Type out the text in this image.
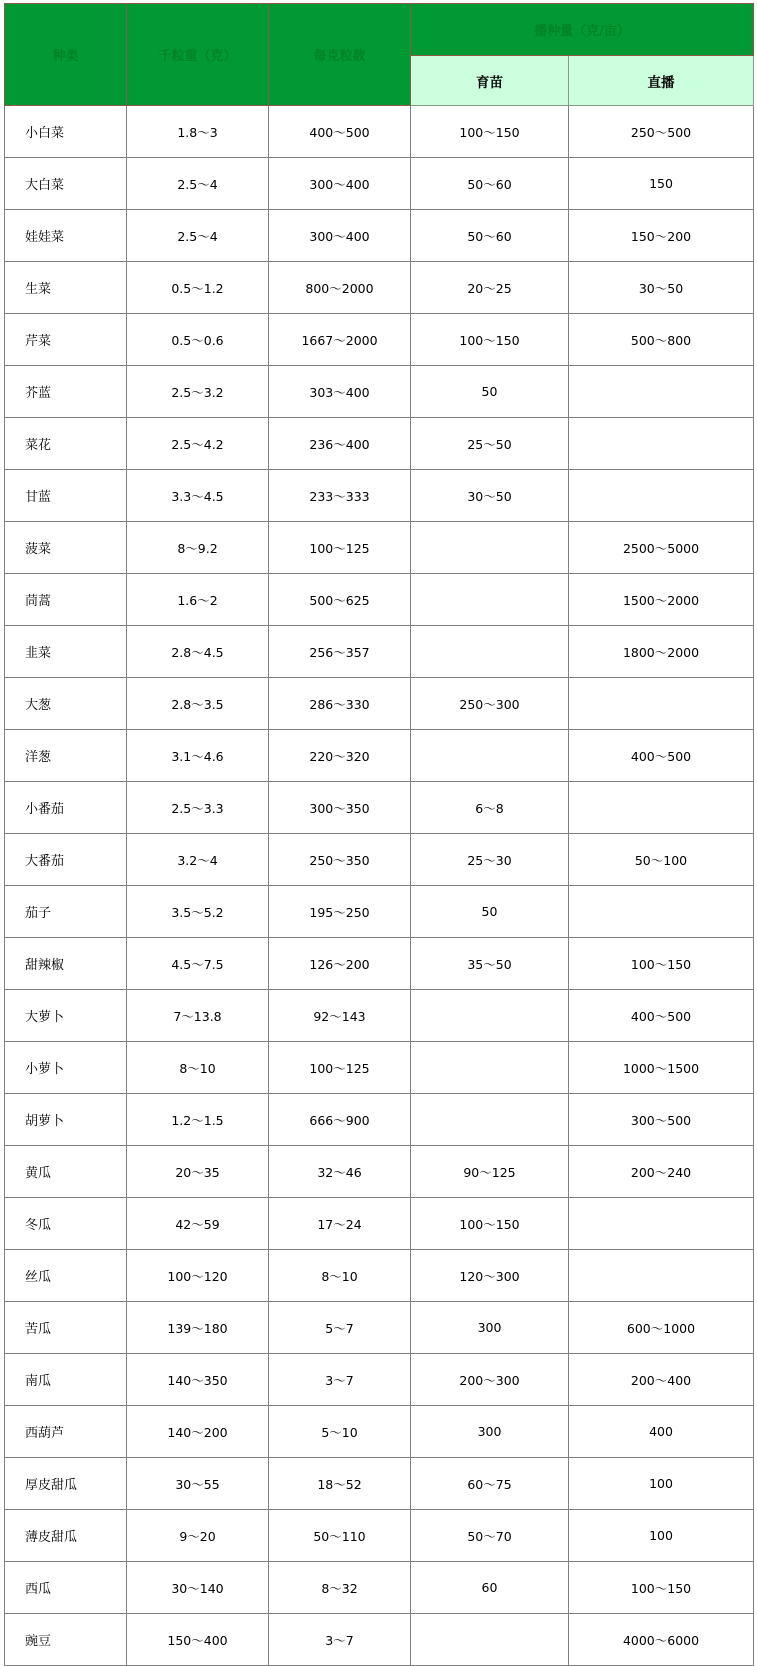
种类	千粒重（克）	每克粒数	播种量（克/亩）	
			育苗	直播
小白菜	1.8～3	400～500	100～150	250～500
大白菜	2.5～4	300～400	50～60	150
娃娃菜	2.5～4	300～400	50～60	150～200
生菜	0.5～1.2	800～2000	20～25	30～50
芹菜	0.5～0.6	1667～2000	100～150	500～800
芥蓝	2.5～3.2	303～400	50	
菜花	2.5～4.2	236～400	25～50	
甘蓝	3.3～4.5	233～333	30～50	
菠菜	8～9.2	100～125		2500～5000
茼蒿	1.6～2	500～625		1500～2000
韭菜	2.8～4.5	256～357		1800～2000
大葱	2.8～3.5	286～330	250～300	
洋葱	3.1～4.6	220～320		400～500
小番茄	2.5～3.3	300～350	6～8	
大番茄	3.2～4	250～350	25～30	50～100
茄子	3.5～5.2	195～250	50	
甜辣椒	4.5～7.5	126～200	35～50	100～150
大萝卜	7～13.8	92～143		400～500
小萝卜	8～10	100～125		1000～1500
胡萝卜	1.2～1.5	666～900		300～500
黄瓜	20～35	32～46	90～125	200～240
冬瓜	42～59	17～24	100～150	
丝瓜	100～120	8～10	120～300	
苦瓜	139～180	5～7	300	600～1000
南瓜	140～350	3～7	200～300	200～400
西葫芦	140～200	5～10	300	400
厚皮甜瓜	30～55	18～52	60～75	100
薄皮甜瓜	9～20	50～110	50～70	100
西瓜	30～140	8～32	60	100～150
豌豆	150～400	3～7		4000～6000
